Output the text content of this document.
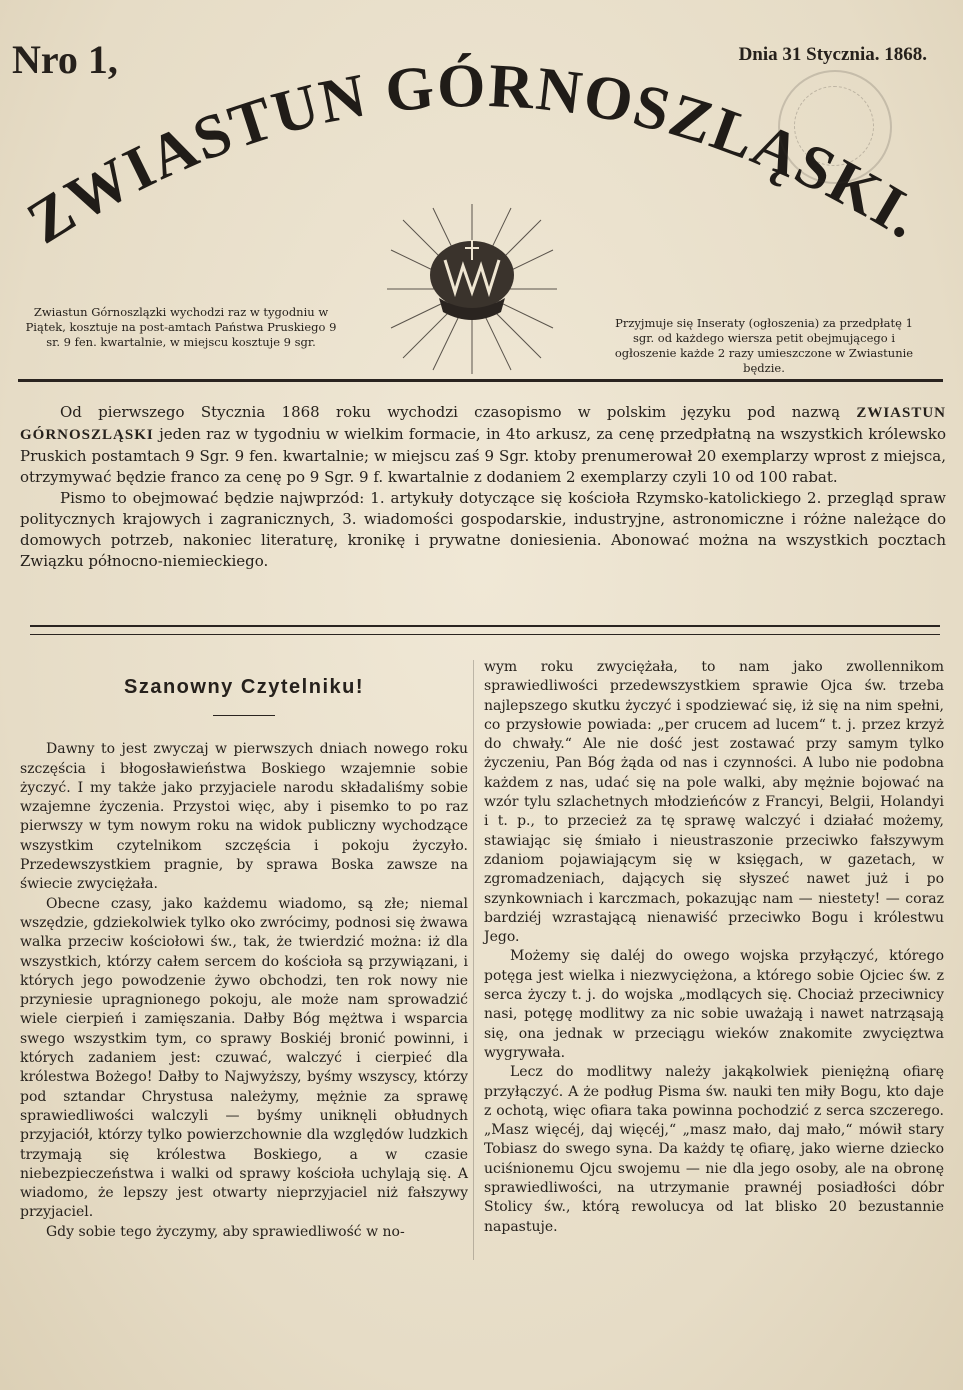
Nro 1,	Dnia 31 Stycznia. 1868.
ZWIASTUN GÓRNOSZLĄSKI.
Zwiastun Górnoszlązki wychodzi raz w tygodniu w Piątek, kosztuje na post-amtach Państwa Pruskiego 9 sr. 9 fen. kwartalnie, w miejscu kosztuje 9 sgr.
Przyjmuje się Inseraty (ogłoszenia) za przedpłatę 1 sgr. od każdego wiersza petit obejmującego i ogłoszenie każde 2 razy umieszczone w Zwiastunie będzie.

Od pierwszego Stycznia 1868 roku wychodzi czasopismo w polskim języku pod nazwą ZWIASTUN GÓRNOSZLĄSKI jeden raz w tygodniu w wielkim formacie, in 4to arkusz, za cenę przedpłatną na wszystkich królewsko Pruskich postamtach 9 Sgr. 9 fen. kwartalnie; w miejscu zaś 9 Sgr. ktoby prenumerował 20 exemplarzy wprost z miejsca, otrzymywać będzie franco za cenę po 9 Sgr. 9 f. kwartalnie z dodaniem 2 exemplarzy czyli 10 od 100 rabat.

Pismo to obejmować będzie najwprzód: 1. artykuły dotyczące się kościoła Rzymsko-katolickiego 2. przegląd spraw politycznych krajowych i zagranicznych, 3. wiadomości gospodarskie, industryjne, astronomiczne i różne należące do domowych potrzeb, nakoniec literaturę, kronikę i prywatne doniesienia. Abonować można na wszystkich pocztach Związku północno-niemieckiego.

Szanowny Czytelniku!

Dawny to jest zwyczaj w pierwszych dniach nowego roku szczęścia i błogosławieństwa Boskiego wzajemnie sobie życzyć. I my także jako przyjaciele narodu składaliśmy sobie wzajemne życzenia. Przystoi więc, aby i pisemko to po raz pierwszy w tym nowym roku na widok publiczny wychodzące wszystkim czytelnikom szczęścia i pokoju życzyło. Przedewszystkiem pragnie, by sprawa Boska zawsze na świecie zwyciężała.

Obecne czasy, jako każdemu wiadomo, są złe; niemal wszędzie, gdziekolwiek tylko oko zwrócimy, podnosi się żwawa walka przeciw kościołowi św., tak, że twierdzić można: iż dla wszystkich, którzy całem sercem do kościoła są przywiązani, i których jego powodzenie żywo obchodzi, ten rok nowy nie przyniesie upragnionego pokoju, ale może nam sprowadzić wiele cierpień i zamięszania. Dałby Bóg mężtwa i wsparcia swego wszystkim tym, co sprawy Boskiéj bronić powinni, i których zadaniem jest: czuwać, walczyć i cierpieć dla królestwa Bożego! Dałby to Najwyższy, byśmy wszyscy, którzy pod sztandar Chrystusa należymy, mężnie za sprawę sprawiedliwości walczyli — byśmy uniknęli obłudnych przyjaciół, którzy tylko powierzchownie dla względów ludzkich trzymają się królestwa Boskiego, a w czasie niebezpieczeństwa i walki od sprawy kościoła uchylają się. A wiadomo, że lepszy jest otwarty nieprzyjaciel niż fałszywy przyjaciel.

Gdy sobie tego życzymy, aby sprawiedliwość w no-

wym roku zwyciężała, to nam jako zwollennikom sprawiedliwości przedewszystkiem sprawie Ojca św. trzeba najlepszego skutku życzyć i spodziewać się, iż się na nim spełni, co przysłowie powiada: „per crucem ad lucem“ t. j. przez krzyż do chwały.“ Ale nie dość jest zostawać przy samym tylko życzeniu, Pan Bóg żąda od nas i czynności. A lubo nie podobna każdem z nas, udać się na pole walki, aby mężnie bojować na wzór tylu szlachetnych młodzieńców z Francyi, Belgii, Holandyi i t. p., to przecież za tę sprawę walczyć i działać możemy, stawiając się śmiało i nieustraszonie przeciwko fałszywym zdaniom pojawiającym się w księgach, w gazetach, w zgromadzeniach, dających się słyszeć nawet już i po szynkowniach i karczmach, pokazując nam — niestety! — coraz bardziéj wzrastającą nienawiść przeciwko Bogu i królestwu Jego.

Możemy się daléj do owego wojska przyłączyć, którego potęga jest wielka i niezwyciężona, a którego sobie Ojciec św. z serca życzy t. j. do wojska „modlących się. Chociaż przeciwnicy nasi, potęgę modlitwy za nic sobie uważają i nawet natrząsają się, ona jednak w przeciągu wieków znakomite zwycięztwa wygrywała.

Lecz do modlitwy należy jakąkolwiek pieniężną ofiarę przyłączyć. A że podług Pisma św. nauki ten miły Bogu, kto daje z ochotą, więc ofiara taka powinna pochodzić z serca szczerego. „Masz więcéj, daj więcéj,“ „masz mało, daj mało,“ mówił stary Tobiasz do swego syna. Da każdy tę ofiarę, jako wierne dziecko uciśnionemu Ojcu swojemu — nie dla jego osoby, ale na obronę sprawiedliwości, na utrzymanie prawnéj posiadłości dóbr Stolicy św., którą rewolucya od lat blisko 20 bezustannie napastuje.
